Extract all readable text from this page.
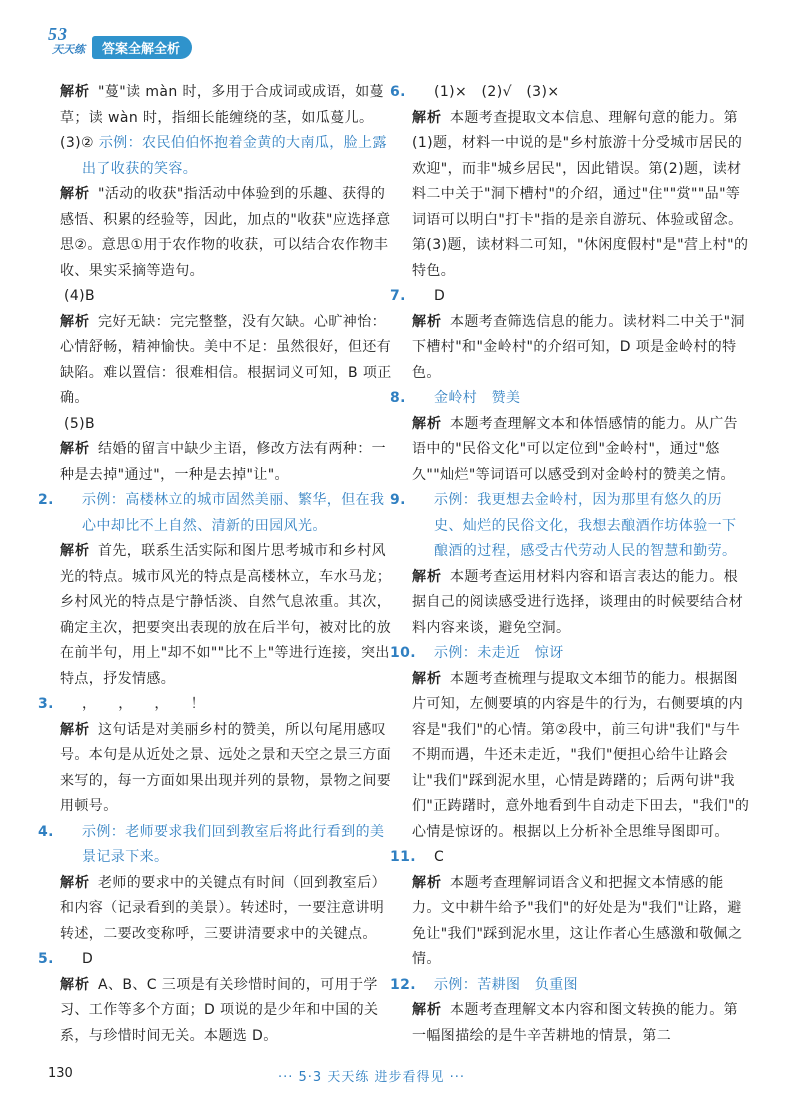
53
天天练	答案全解全析

解析 "蔓"读 màn 时，多用于合成词或成语，如蔓草；读 wàn 时，指细长能缠绕的茎，如瓜蔓儿。

(3)② 示例：农民伯伯怀抱着金黄的大南瓜，脸上露出了收获的笑容。

解析 "活动的收获"指活动中体验到的乐趣、获得的感悟、积累的经验等，因此，加点的"收获"应选择意思②。意思①用于农作物的收获，可以结合农作物丰收、果实采摘等造句。

(4)B

解析 完好无缺：完完整整，没有欠缺。心旷神怡：心情舒畅，精神愉快。美中不足：虽然很好，但还有缺陷。难以置信：很难相信。根据词义可知，B 项正确。

(5)B

解析 结婚的留言中缺少主语，修改方法有两种：一种是去掉"通过"，一种是去掉"让"。

2. 示例：高楼林立的城市固然美丽、繁华，但在我心中却比不上自然、清新的田园风光。

解析 首先，联系生活实际和图片思考城市和乡村风光的特点。城市风光的特点是高楼林立，车水马龙；乡村风光的特点是宁静恬淡、自然气息浓重。其次，确定主次，把要突出表现的放在后半句，被对比的放在前半句，用上"却不如""比不上"等进行连接，突出特点，抒发情感。

3. ，　　，　　，　　！

解析 这句话是对美丽乡村的赞美，所以句尾用感叹号。本句是从近处之景、远处之景和天空之景三方面来写的，每一方面如果出现并列的景物，景物之间要用顿号。

4. 示例：老师要求我们回到教室后将此行看到的美景记录下来。

解析 老师的要求中的关键点有时间（回到教室后）和内容（记录看到的美景）。转述时，一要注意讲明转述，二要改变称呼，三要讲清要求中的关键点。

5. D

解析 A、B、C 三项是有关珍惜时间的，可用于学习、工作等多个方面；D 项说的是少年和中国的关系，与珍惜时间无关。本题选 D。

6. (1)×　(2)√　(3)×

解析 本题考查提取文本信息、理解句意的能力。第(1)题，材料一中说的是"乡村旅游十分受城市居民的欢迎"，而非"城乡居民"，因此错误。第(2)题，读材料二中关于"洞下槽村"的介绍，通过"住""赏""品"等词语可以明白"打卡"指的是亲自游玩、体验或留念。第(3)题，读材料二可知，"休闲度假村"是"营上村"的特色。

7. D

解析 本题考查筛选信息的能力。读材料二中关于"洞下槽村"和"金岭村"的介绍可知，D 项是金岭村的特色。

8. 金岭村　赞美

解析 本题考查理解文本和体悟感情的能力。从广告语中的"民俗文化"可以定位到"金岭村"，通过"悠久""灿烂"等词语可以感受到对金岭村的赞美之情。

9. 示例：我更想去金岭村，因为那里有悠久的历史、灿烂的民俗文化，我想去酿酒作坊体验一下酿酒的过程，感受古代劳动人民的智慧和勤劳。

解析 本题考查运用材料内容和语言表达的能力。根据自己的阅读感受进行选择，谈理由的时候要结合材料内容来谈，避免空洞。

10. 示例：未走近　惊讶

解析 本题考查梳理与提取文本细节的能力。根据图片可知，左侧要填的内容是牛的行为，右侧要填的内容是"我们"的心情。第②段中，前三句讲"我们"与牛不期而遇，牛还未走近，"我们"便担心给牛让路会让"我们"踩到泥水里，心情是踌躇的；后两句讲"我们"正踌躇时，意外地看到牛自动走下田去，"我们"的心情是惊讶的。根据以上分析补全思维导图即可。

11. C

解析 本题考查理解词语含义和把握文本情感的能力。文中耕牛给予"我们"的好处是为"我们"让路，避免让"我们"踩到泥水里，这让作者心生感激和敬佩之情。

12. 示例：苦耕图　负重图

解析 本题考查理解文本内容和图文转换的能力。第一幅图描绘的是牛辛苦耕地的情景，第二

130	··· 5·3 天天练 进步看得见 ···
